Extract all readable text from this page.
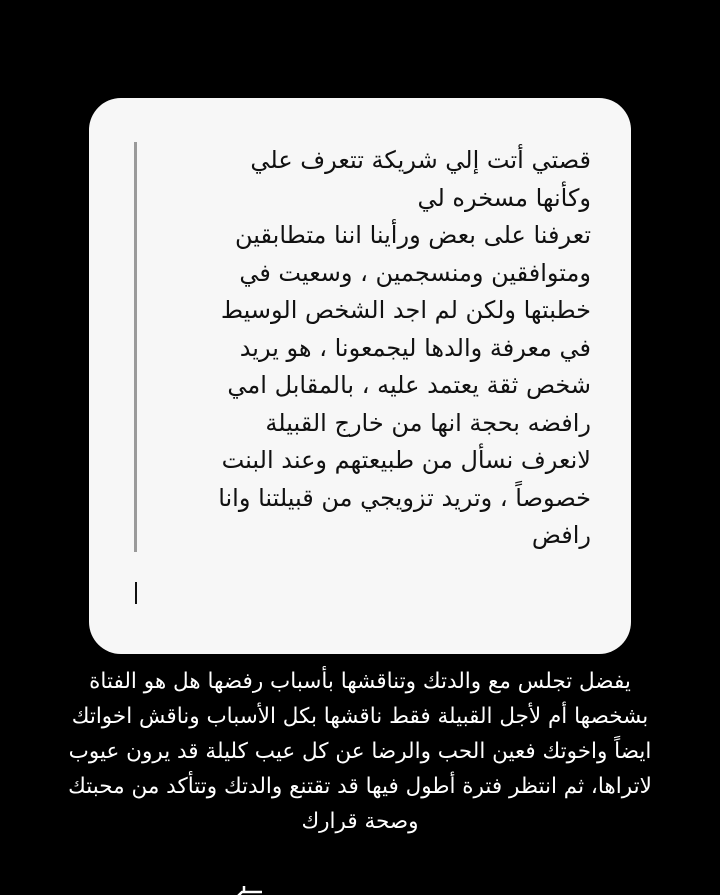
قصتي أتت إلي شريكة تتعرف علي
وكأنها مسخره لي
تعرفنا على بعض ورأينا اننا متطابقين
ومتوافقين ومنسجمين ، وسعيت في
خطبتها ولكن لم اجد الشخص الوسيط
في معرفة والدها ليجمعونا ، هو يريد
شخص ثقة يعتمد عليه ، بالمقابل امي
رافضه بحجة انها من خارج القبيلة
لانعرف نسأل من طبيعتهم وعند البنت
خصوصاً ، وتريد تزويجي من قبيلتنا وانا
رافض

يفضل تجلس مع والدتك وتناقشها بأسباب رفضها هل هو الفتاة
بشخصها أم لأجل القبيلة فقط ناقشها بكل الأسباب وناقش اخواتك
ايضاً واخوتك فعين الحب والرضا عن كل عيب كليلة قد يرون عيوب
لاتراها، ثم انتظر فترة أطول فيها قد تقتنع والدتك وتتأكد من محبتك
وصحة قرارك
